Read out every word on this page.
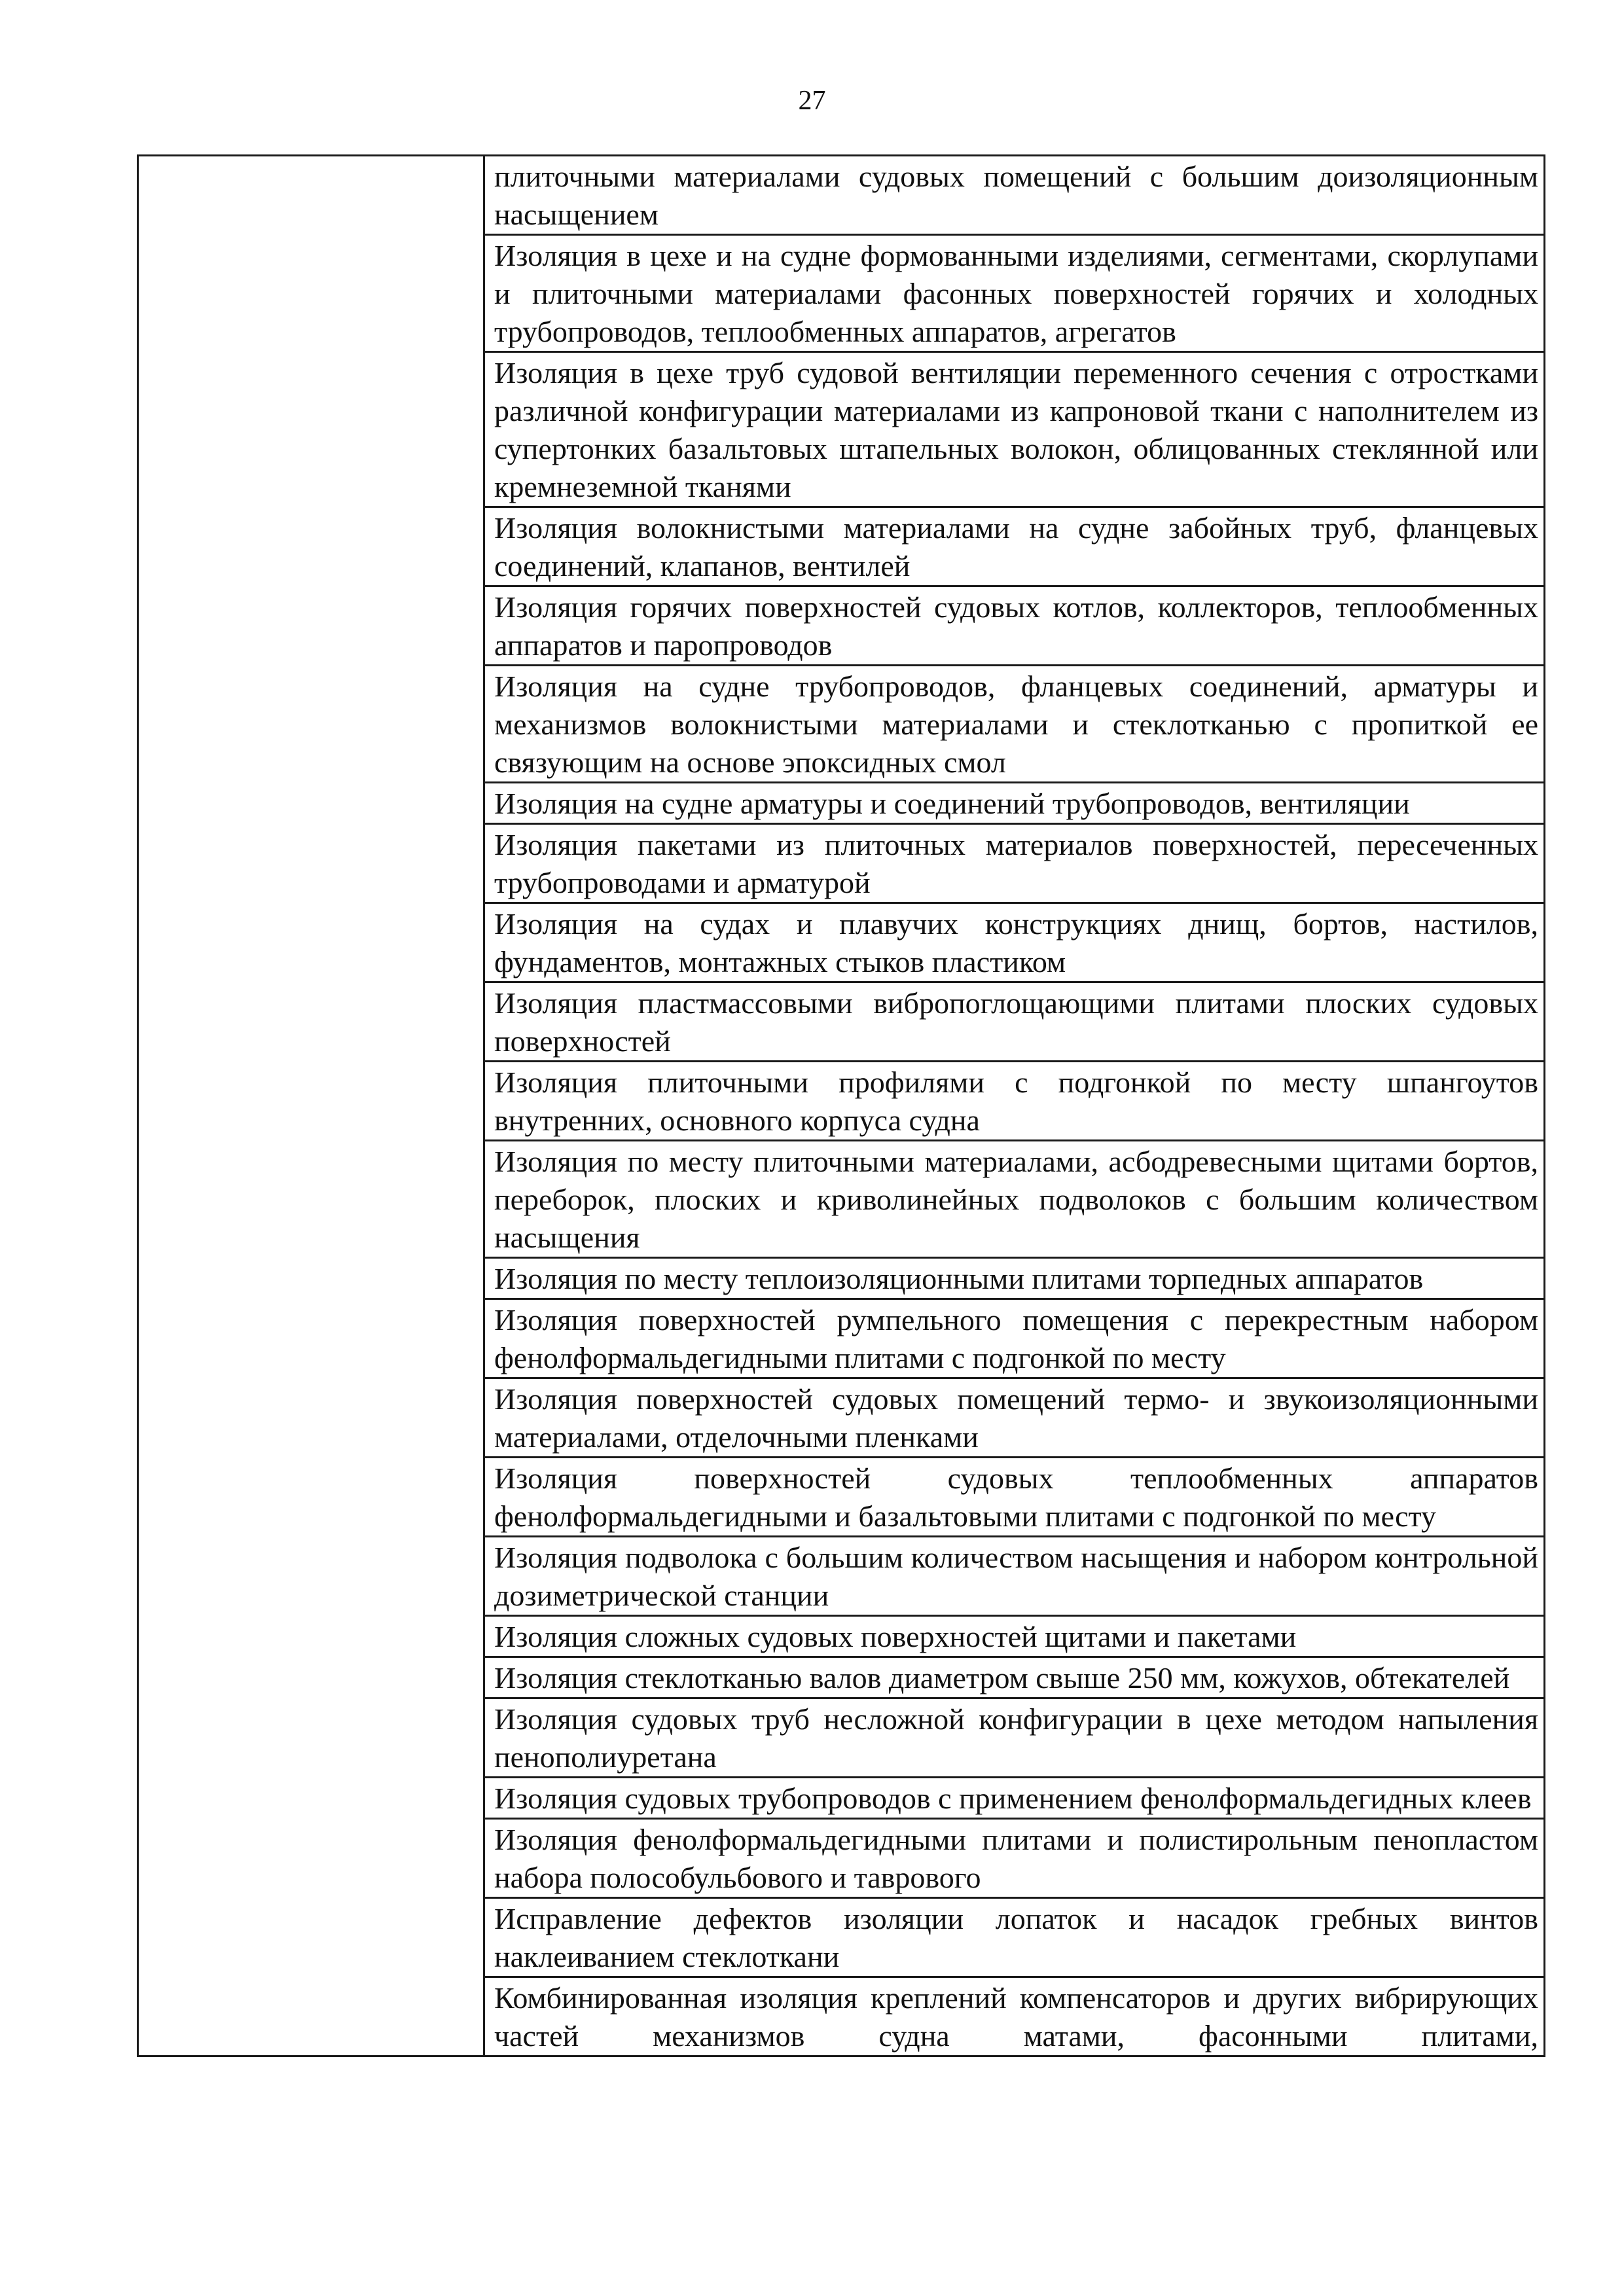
27

плиточными материалами судовых помещений с большим доизоляционным насыщением

Изоляция в цехе и на судне формованными изделиями, сегментами, скорлупами и плиточными материалами фасонных поверхностей горячих и холодных трубопроводов, теплообменных аппаратов, агрегатов

Изоляция в цехе труб судовой вентиляции переменного сечения с отростками различной конфигурации материалами из капроновой ткани с наполнителем из супертонких базальтовых штапельных волокон, облицованных стеклянной или кремнеземной тканями

Изоляция волокнистыми материалами на судне забойных труб, фланцевых соединений, клапанов, вентилей

Изоляция горячих поверхностей судовых котлов, коллекторов, теплообменных аппаратов и паропроводов

Изоляция на судне трубопроводов, фланцевых соединений, арматуры и механизмов волокнистыми материалами и стеклотканью с пропиткой ее связующим на основе эпоксидных смол

Изоляция на судне арматуры и соединений трубопроводов, вентиляции

Изоляция пакетами из плиточных материалов поверхностей, пересеченных трубопроводами и арматурой

Изоляция на судах и плавучих конструкциях днищ, бортов, настилов, фундаментов, монтажных стыков пластиком

Изоляция пластмассовыми вибропоглощающими плитами плоских судовых поверхностей

Изоляция плиточными профилями с подгонкой по месту шпангоутов внутренних, основного корпуса судна

Изоляция по месту плиточными материалами, асбодревесными щитами бортов, переборок, плоских и криволинейных подволоков с большим количеством насыщения

Изоляция по месту теплоизоляционными плитами торпедных аппаратов

Изоляция поверхностей румпельного помещения с перекрестным набором фенолформальдегидными плитами с подгонкой по месту

Изоляция поверхностей судовых помещений термо- и звукоизоляционными материалами, отделочными пленками

Изоляция поверхностей судовых теплообменных аппаратов фенолформальдегидными и базальтовыми плитами с подгонкой по месту

Изоляция подволока с большим количеством насыщения и набором контрольной дозиметрической станции

Изоляция сложных судовых поверхностей щитами и пакетами

Изоляция стеклотканью валов диаметром свыше 250 мм, кожухов, обтекателей

Изоляция судовых труб несложной конфигурации в цехе методом напыления пенополиуретана

Изоляция судовых трубопроводов с применением фенолформальдегидных клеев

Изоляция фенолформальдегидными плитами и полистирольным пенопластом набора полособульбового и таврового

Исправление дефектов изоляции лопаток и насадок гребных винтов наклеиванием стеклоткани

Комбинированная изоляция креплений компенсаторов и других вибрирующих частей механизмов судна матами, фасонными плитами,
